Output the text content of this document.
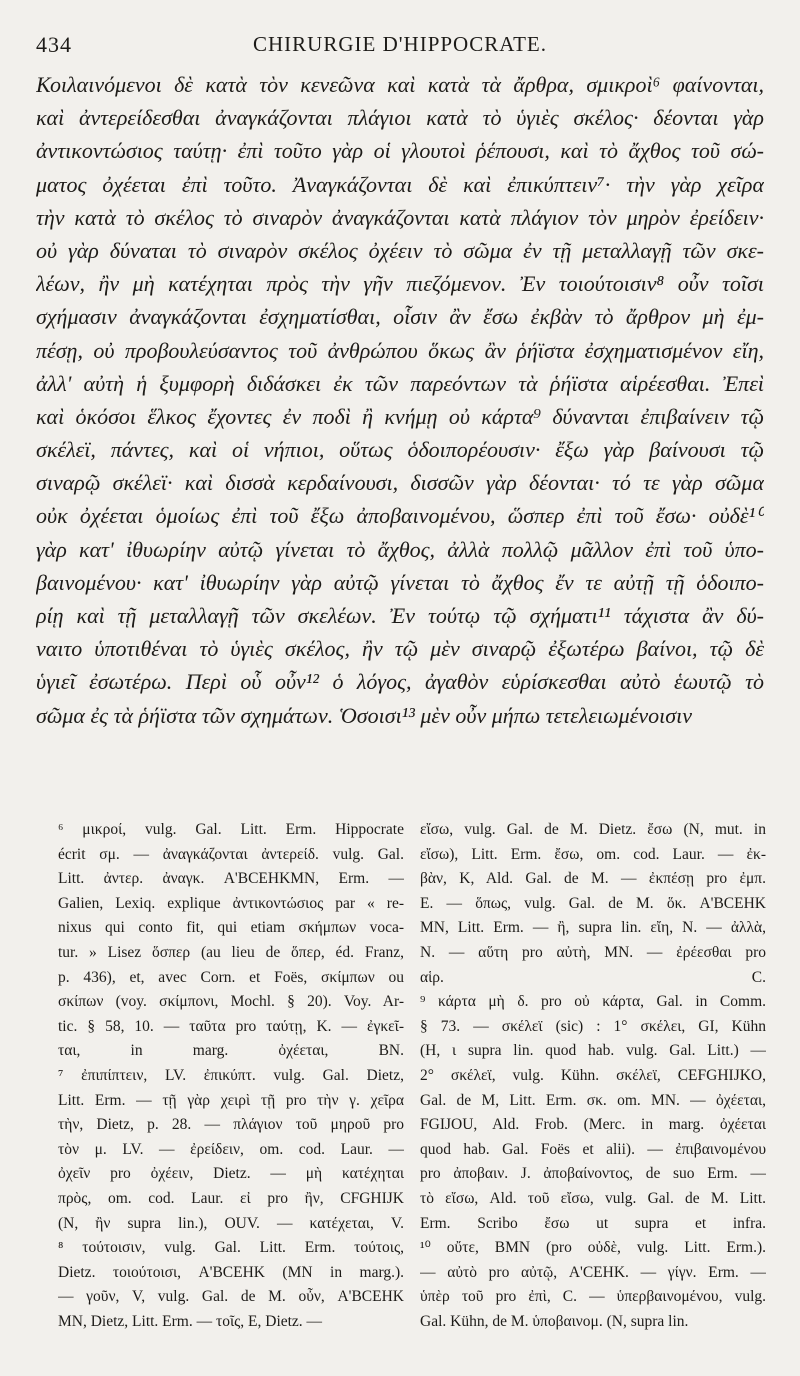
434	CHIRURGIE D'HIPPOCRATE.
Κοιλαινόμενοι δὲ κατὰ τὸν κενεῶνα καὶ κατὰ τὰ ἄρθρα, σμικροὶ⁶ φαίνονται,
καὶ ἀντερείδεσθαι ἀναγκάζονται πλάγιοι κατὰ τὸ ὑγιὲς σκέλος· δέονται γὰρ
ἀντικοντώσιος ταύτῃ· ἐπὶ τοῦτο γὰρ οἱ γλουτοὶ ῥέπουσι, καὶ τὸ ἄχθος τοῦ σώ-
ματος ὀχέεται ἐπὶ τοῦτο. Ἀναγκάζονται δὲ καὶ ἐπικύπτειν⁷· τὴν γὰρ χεῖρα
τὴν κατὰ τὸ σκέλος τὸ σιναρὸν ἀναγκάζονται κατὰ πλάγιον τὸν μηρὸν ἐρείδειν·
οὐ γὰρ δύναται τὸ σιναρὸν σκέλος ὀχέειν τὸ σῶμα ἐν τῇ μεταλλαγῇ τῶν σκε-
λέων, ἢν μὴ κατέχηται πρὸς τὴν γῆν πιεζόμενον. Ἐν τοιούτοισιν⁸ οὖν τοῖσι
σχήμασιν ἀναγκάζονται ἐσχηματίσθαι, οἷσιν ἂν ἔσω ἐκβὰν τὸ ἄρθρον μὴ ἐμ-
πέσῃ, οὐ προβουλεύσαντος τοῦ ἀνθρώπου ὅκως ἂν ῥήϊστα ἐσχηματισμένον εἴη,
ἀλλ' αὐτὴ ἡ ξυμφορὴ διδάσκει ἐκ τῶν παρεόντων τὰ ῥήϊστα αἱρέεσθαι. Ἐπεὶ
καὶ ὁκόσοι ἕλκος ἔχοντες ἐν ποδὶ ἢ κνήμῃ οὐ κάρτα⁹ δύνανται ἐπιβαίνειν τῷ
σκέλεϊ, πάντες, καὶ οἱ νήπιοι, οὕτως ὁδοιπορέουσιν· ἔξω γὰρ βαίνουσι τῷ
σιναρῷ σκέλεϊ· καὶ δισσὰ κερδαίνουσι, δισσῶν γὰρ δέονται· τό τε γὰρ σῶμα
οὐκ ὀχέεται ὁμοίως ἐπὶ τοῦ ἔξω ἀποβαινομένου, ὥσπερ ἐπὶ τοῦ ἔσω· οὐδὲ¹⁰
γὰρ κατ' ἰθυωρίην αὐτῷ γίνεται τὸ ἄχθος, ἀλλὰ πολλῷ μᾶλλον ἐπὶ τοῦ ὑπο-
βαινομένου· κατ' ἰθυωρίην γὰρ αὐτῷ γίνεται τὸ ἄχθος ἔν τε αὐτῇ τῇ ὁδοιπο-
ρίῃ καὶ τῇ μεταλλαγῇ τῶν σκελέων. Ἐν τούτῳ τῷ σχήματι¹¹ τάχιστα ἂν δύ-
ναιτο ὑποτιθέναι τὸ ὑγιὲς σκέλος, ἢν τῷ μὲν σιναρῷ ἐξωτέρω βαίνοι, τῷ δὲ
ὑγιεῖ ἐσωτέρω. Περὶ οὗ οὖν¹² ὁ λόγος, ἀγαθὸν εὑρίσκεσθαι αὐτὸ ἑωυτῷ τὸ
σῶμα ἐς τὰ ῥήϊστα τῶν σχημάτων. Ὁσοισι¹³ μὲν οὖν μήπω τετελειωμένοισιν
⁶ μικροί, vulg. Gal. Litt. Erm. Hippocrate
écrit σμ. — ἀναγκάζονται ἀντερείδ. vulg. Gal.
Litt. ἀντερ. ἀναγκ. A'BCEHKMN, Erm. —
Galien, Lexiq. explique ἀντικοντώσιος par « re-
nixus qui conto fit, qui etiam σκήμπων voca-
tur. » Lisez ὅσπερ (au lieu de ὅπερ, éd. Franz,
p. 436), et, avec Corn. et Foës, σκίμπων ou
σκίπων (voy. σκίμπονι, Mochl. § 20). Voy. Ar-
tic. § 58, 10. — ταῦτα pro ταύτῃ, K. — ἐγκεῖ-
ται, in marg. ὀχέεται, BN.
⁷ ἐπιπίπτειν, LV. ἐπικύπτ. vulg. Gal. Dietz,
Litt. Erm. — τῇ γὰρ χειρὶ τῇ pro τὴν γ. χεῖρα
τὴν, Dietz, p. 28. — πλάγιον τοῦ μηροῦ pro
τὸν μ. LV. — ἐρείδειν, om. cod. Laur. —
ὀχεῖν pro ὀχέειν, Dietz. — μὴ κατέχηται
πρὸς, om. cod. Laur. εἰ pro ἢν, CFGHIJK
(N, ἢν supra lin.), OUV. — κατέχεται, V.
⁸ τούτοισιν, vulg. Gal. Litt. Erm. τούτοις,
Dietz. τοιούτοισι, A'BCEHK (MN in marg.).
— γοῦν, V, vulg. Gal. de M. οὖν, A'BCEHK
MN, Dietz, Litt. Erm. — τοῖς, E, Dietz. —
εἴσω, vulg. Gal. de M. Dietz. ἔσω (N, mut. in
εἴσω), Litt. Erm. ἔσω, om. cod. Laur. — ἐκ-
βὰν, K, Ald. Gal. de M. — ἐκπέσῃ pro ἐμπ.
E. — ὅπως, vulg. Gal. de M. ὅκ. A'BCEHK
MN, Litt. Erm. — ἢ, supra lin. εἴη, N. — ἀλλὰ,
N. — αὕτη pro αὐτὴ, MN. — ἐρέεσθαι pro
αἱρ. C.
⁹ κάρτα μὴ δ. pro οὐ κάρτα, Gal. in Comm.
§ 73. — σκέλεϊ (sic) : 1° σκέλει, GI, Kühn
(H, ι supra lin. quod hab. vulg. Gal. Litt.) —
2° σκέλεϊ, vulg. Kühn. σκέλεϊ, CEFGHIJKO,
Gal. de M, Litt. Erm. σκ. om. MN. — ὀχέεται,
FGIJOU, Ald. Frob. (Merc. in marg. ὀχέεται
quod hab. Gal. Foës et alii). — ἐπιβαινομένου
pro ἀποβαιν. J. ἀποβαίνοντος, de suo Erm. —
τὸ εἴσω, Ald. τοῦ εἴσω, vulg. Gal. de M. Litt.
Erm. Scribo ἔσω ut supra et infra.
¹⁰ οὔτε, BMN (pro οὐδὲ, vulg. Litt. Erm.).
— αὐτὸ pro αὐτῷ, A'CEHK. — γίγν. Erm. —
ὑπὲρ τοῦ pro ἐπὶ, C. — ὑπερβαινομένου, vulg.
Gal. Kühn, de M. ὑποβαινομ. (N, supra lin.
